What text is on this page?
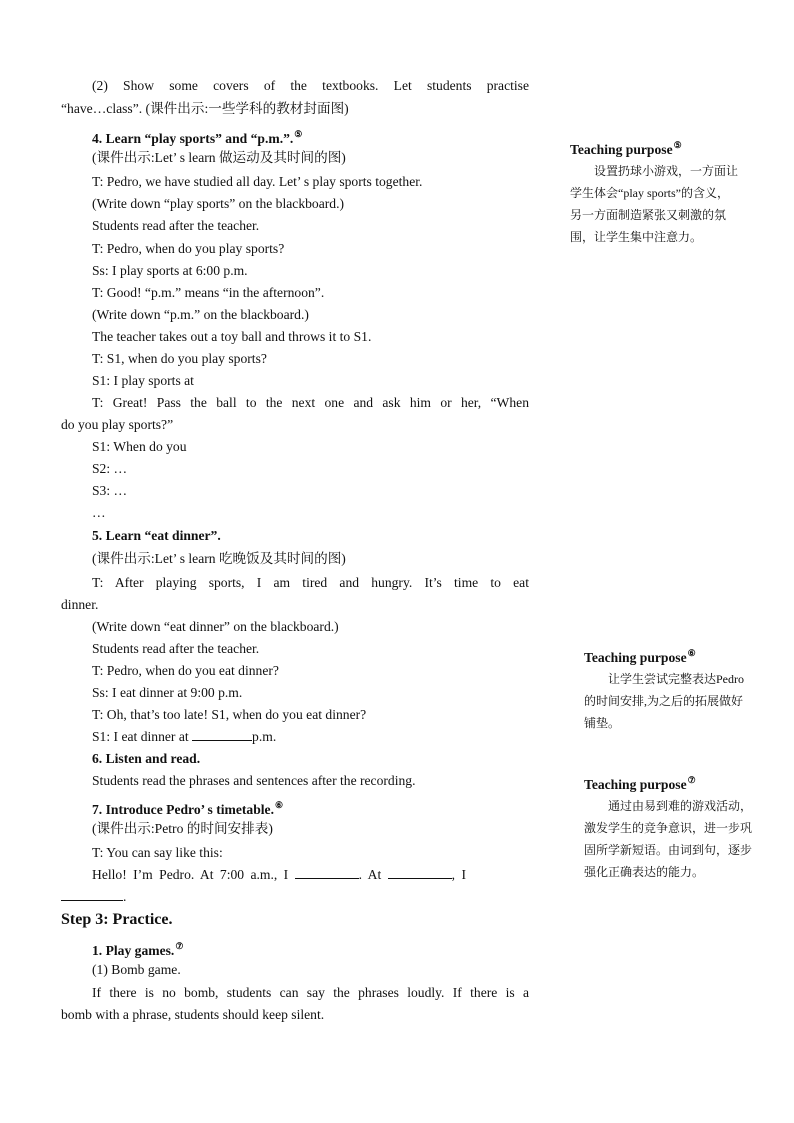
(2) Show some covers of the textbooks. Let students practise
“have…class”. (课件出示:一些学科的教材封面图)
4. Learn “play sports” and “p.m.”.⑤
(课件出示:Let’ s learn 做运动及其时间的图)
T: Pedro, we have studied all day. Let’ s play sports together.
(Write down “play sports” on the blackboard.)
Students read after the teacher.
T: Pedro, when do you play sports?
Ss: I play sports at 6:00 p.m.
T: Good! “p.m.” means “in the afternoon”.
(Write down “p.m.” on the blackboard.)
The teacher takes out a toy ball and throws it to S1.
T: S1, when do you play sports?
S1: I play sports at
T: Great! Pass the ball to the next one and ask him or her, “When
do you play sports?”
S1: When do you
S2: …
S3: …
…
5. Learn “eat dinner”.
(课件出示:Let’ s learn 吃晚饭及其时间的图)
T: After playing sports, I am tired and hungry. It’s time to eat
dinner.
(Write down “eat dinner” on the blackboard.)
Students read after the teacher.
T: Pedro, when do you eat dinner?
Ss: I eat dinner at 9:00 p.m.
T: Oh, that’s too late! S1, when do you eat dinner?
S1: I eat dinner at	p.m.
6. Listen and read.
Students read the phrases and sentences after the recording.
7. Introduce Pedro’ s timetable.⑥
(课件出示:Petro 的时间安排表)
T: You can say like this:
Hello! I’m Pedro. At 7:00 a.m., I	. At	, I
.
Step 3: Practice.
1. Play games.⑦
(1) Bomb game.
If there is no bomb, students can say the phrases loudly. If there is a
bomb with a phrase, students should keep silent.
Teaching purpose⑤
设置扔球小游戏，一方面让学生体会“play sports”的含义，另一方面制造紧张又刺激的氛围，让学生集中注意力。
Teaching purpose⑥
让学生尝试完整表达Pedro的时间安排,为之后的拓展做好铺垫。
Teaching purpose⑦
通过由易到难的游戏活动，激发学生的竞争意识，进一步巩固所学新短语。由词到句，逐步强化正确表达的能力。
